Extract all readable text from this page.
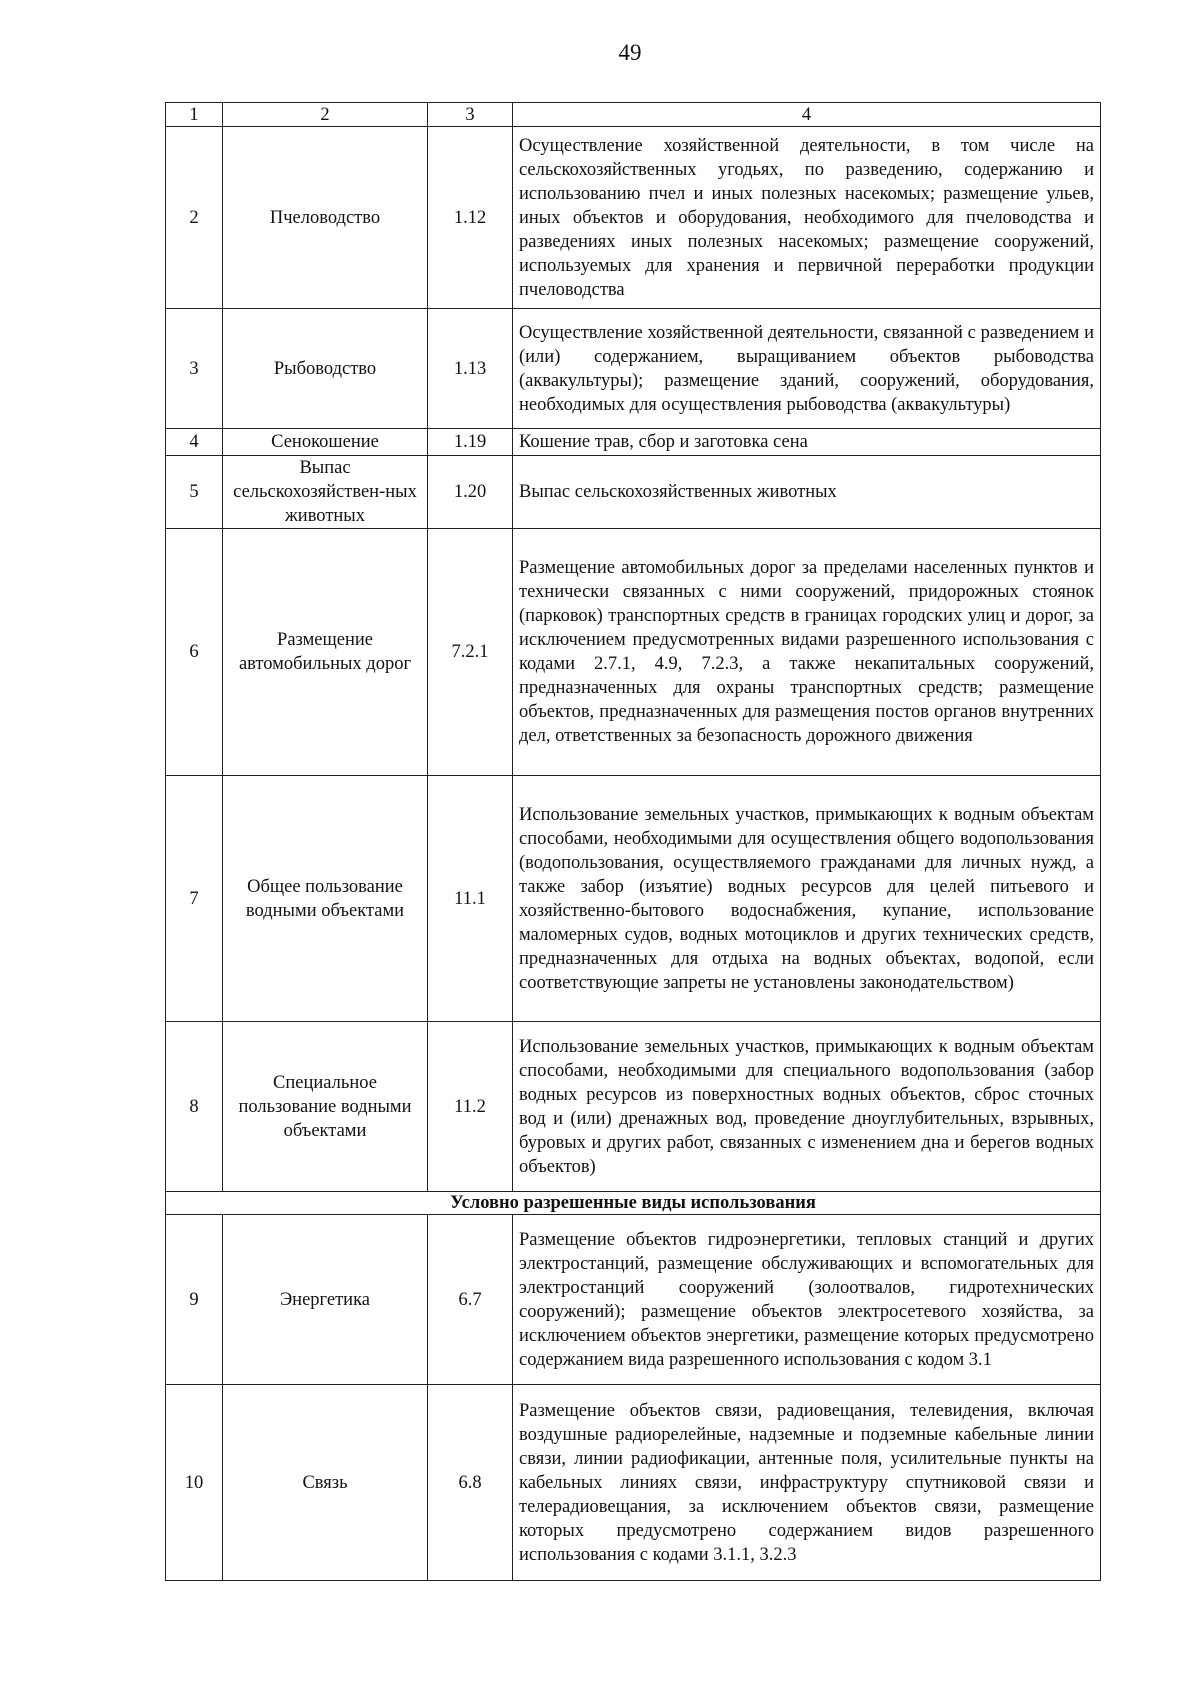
49
1	2	3	4
2	Пчеловодство	1.12	Осуществление хозяйственной деятельности, в том числе на сельскохозяйственных угодьях, по разведению, содержанию и использованию пчел и иных полезных насекомых; размещение ульев, иных объектов и оборудования, необходимого для пчеловодства и разведениях иных полезных насекомых; размещение сооружений, используемых для хранения и первичной переработки продукции пчеловодства
3	Рыбоводство	1.13	Осуществление хозяйственной деятельности, связанной с разведением и (или) содержанием, выращиванием объектов рыбоводства (аквакультуры); размещение зданий, сооружений, оборудования, необходимых для осуществления рыбоводства (аквакультуры)
4	Сенокошение	1.19	Кошение трав, сбор и заготовка сена
5	Выпас сельскохозяйствен-ных животных	1.20	Выпас сельскохозяйственных животных
6	Размещение автомобильных дорог	7.2.1	Размещение автомобильных дорог за пределами населенных пунктов и технически связанных с ними сооружений, придорожных стоянок (парковок) транспортных средств в границах городских улиц и дорог, за исключением предусмотренных видами разрешенного использования с кодами 2.7.1, 4.9, 7.2.3, а также некапитальных сооружений, предназначенных для охраны транспортных средств; размещение объектов, предназначенных для размещения постов органов внутренних дел, ответственных за безопасность дорожного движения
7	Общее пользование водными объектами	11.1	Использование земельных участков, примыкающих к водным объектам способами, необходимыми для осуществления общего водопользования (водопользования, осуществляемого гражданами для личных нужд, а также забор (изъятие) водных ресурсов для целей питьевого и хозяйственно-бытового водоснабжения, купание, использование маломерных судов, водных мотоциклов и других технических средств, предназначенных для отдыха на водных объектах, водопой, если соответствующие запреты не установлены законодательством)
8	Специальное пользование водными объектами	11.2	Использование земельных участков, примыкающих к водным объектам способами, необходимыми для специального водопользования (забор водных ресурсов из поверхностных водных объектов, сброс сточных вод и (или) дренажных вод, проведение дноуглубительных, взрывных, буровых и других работ, связанных с изменением дна и берегов водных объектов)
Условно разрешенные виды использования			
9	Энергетика	6.7	Размещение объектов гидроэнергетики, тепловых станций и других электростанций, размещение обслуживающих и вспомогательных для электростанций сооружений (золоотвалов, гидротехнических сооружений); размещение объектов электросетевого хозяйства, за исключением объектов энергетики, размещение которых предусмотрено содержанием вида разрешенного использования с кодом 3.1
10	Связь	6.8	Размещение объектов связи, радиовещания, телевидения, включая воздушные радиорелейные, надземные и подземные кабельные линии связи, линии радиофикации, антенные поля, усилительные пункты на кабельных линиях связи, инфраструктуру спутниковой связи и телерадиовещания, за исключением объектов связи, размещение которых предусмотрено содержанием видов разрешенного использования с кодами 3.1.1, 3.2.3
